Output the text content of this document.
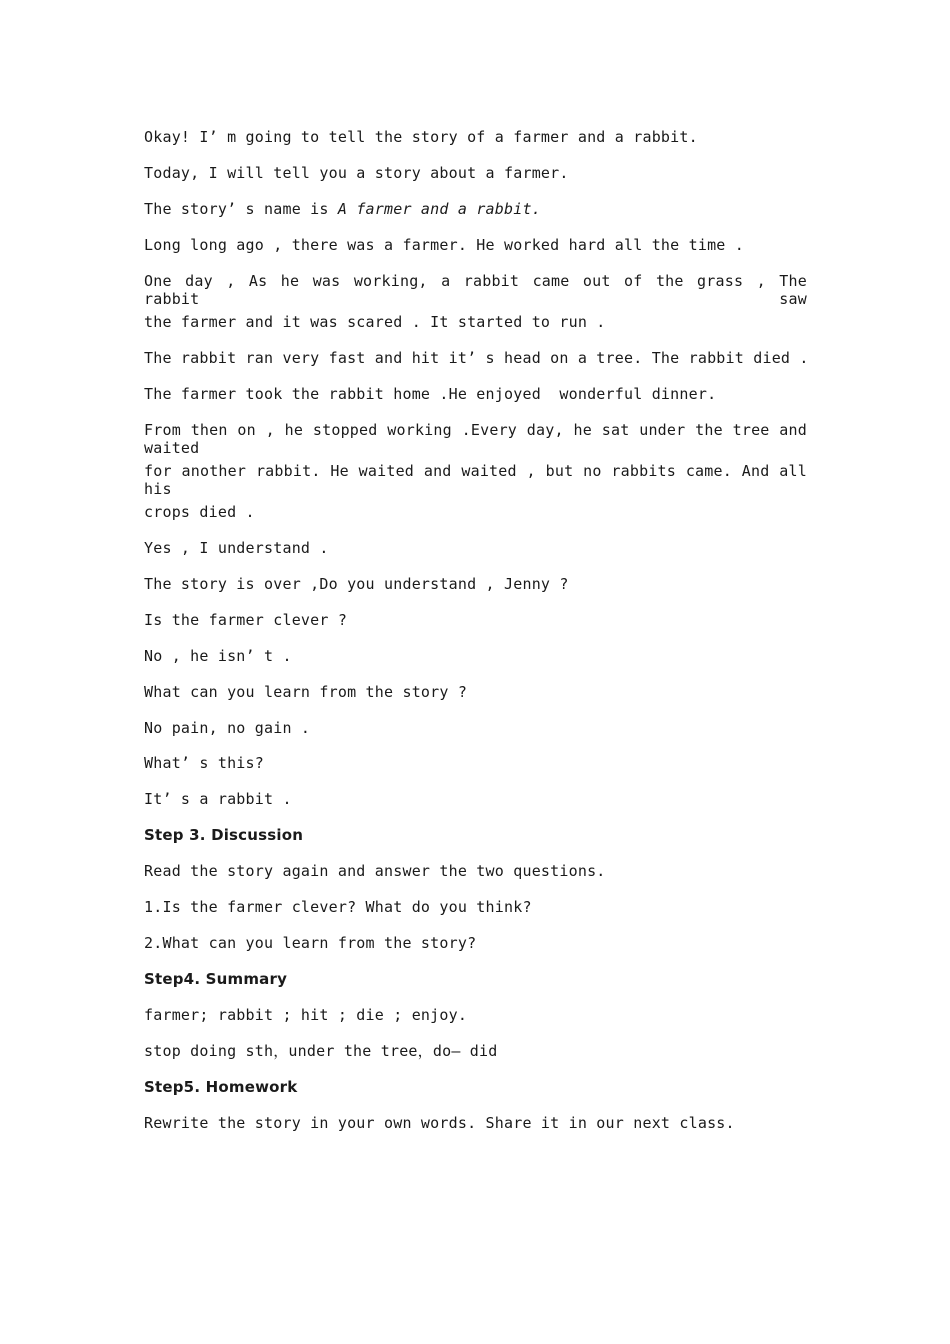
Okay! I’ m going to tell the story of a farmer and a rabbit.
Today, I will tell you a story about a farmer.
The story’ s name is A farmer and a rabbit.
Long long ago , there was a farmer. He worked hard all the time .
One day , As he was working, a rabbit came out of the grass , The rabbit saw
the farmer and it was scared . It started to run .
The rabbit ran very fast and hit it’ s head on a tree. The rabbit died .
The farmer took the rabbit home .He enjoyed  wonderful dinner.
From then on , he stopped working .Every day, he sat under the tree and waited
for another rabbit. He waited and waited , but no rabbits came. And all his
crops died .
Yes , I understand .
The story is over ,Do you understand , Jenny ?
Is the farmer clever ?
No , he isn’ t .
What can you learn from the story ?
No pain, no gain .
What’ s this?
It’ s a rabbit .
Step 3. Discussion
Read the story again and answer the two questions.
1.Is the farmer clever? What do you think?
2.What can you learn from the story?
Step4. Summary
farmer; rabbit ; hit ; die ; enjoy.
stop doing sth，under the tree，do— did
Step5. Homework
Rewrite the story in your own words. Share it in our next class.
